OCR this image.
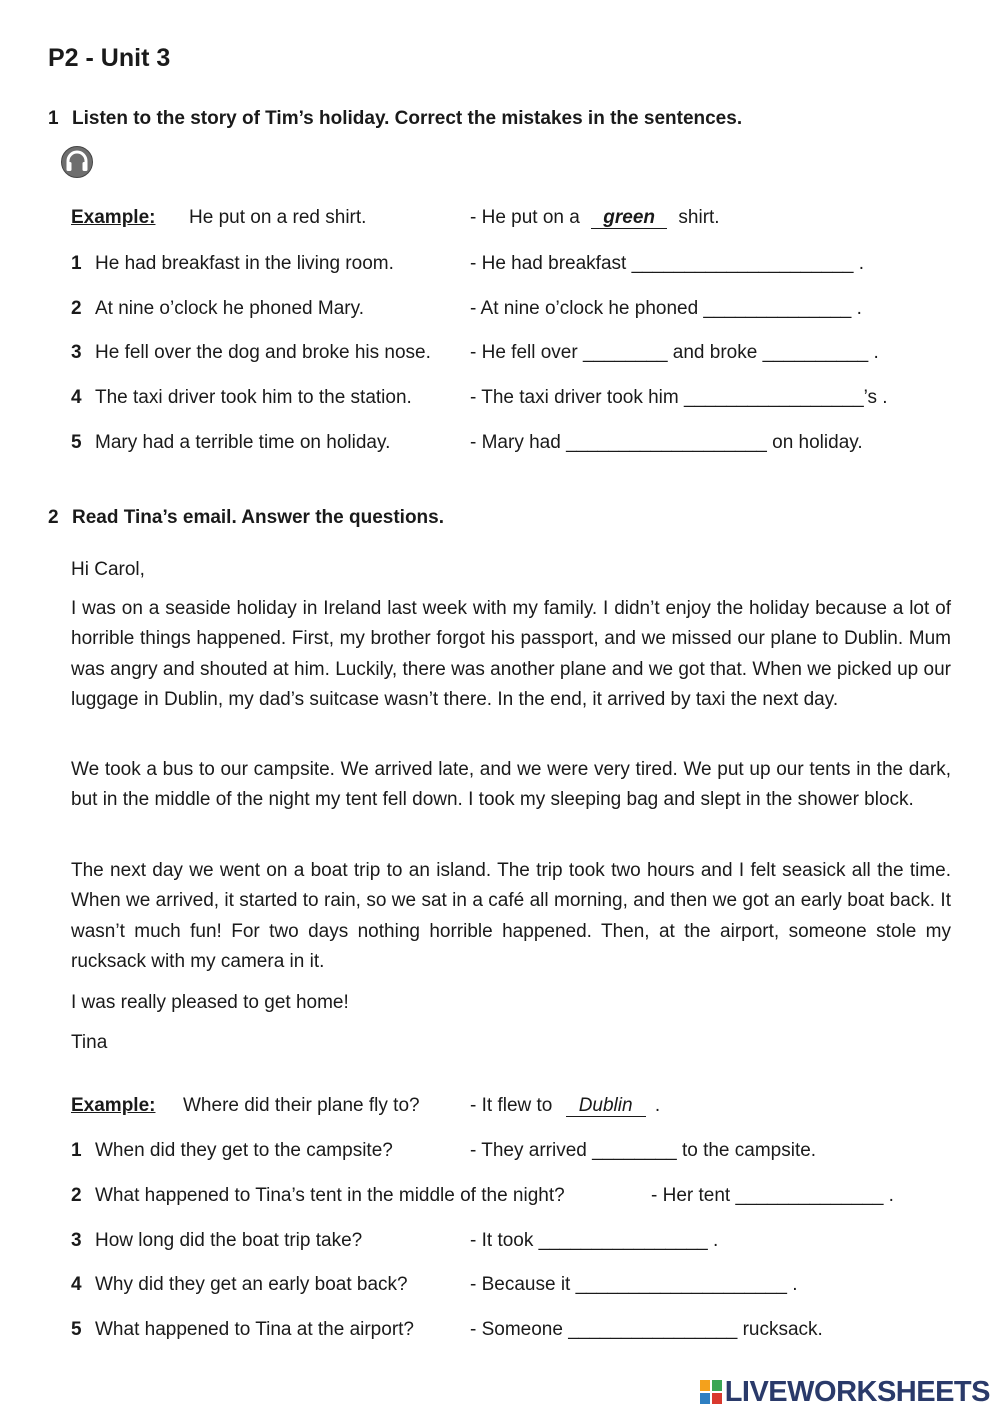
P2 - Unit 3
1 Listen to the story of Tim’s holiday. Correct the mistakes in the sentences.
Example: He put on a red shirt.	- He put on a green shirt.
1 He had breakfast in the living room.	- He had breakfast _____________________ .
2 At nine o’clock he phoned Mary.	- At nine o’clock he phoned ______________ .
3 He fell over the dog and broke his nose. - He fell over ________ and broke __________ .
4 The taxi driver took him to the station.	- The taxi driver took him _________________’s .
5 Mary had a terrible time on holiday.	- Mary had ___________________ on holiday.
2 Read Tina’s email. Answer the questions.
Hi Carol,

I was on a seaside holiday in Ireland last week with my family. I didn’t enjoy the holiday because a lot of horrible things happened. First, my brother forgot his passport, and we missed our plane to Dublin. Mum was angry and shouted at him. Luckily, there was another plane and we got that. When we picked up our luggage in Dublin, my dad’s suitcase wasn’t there. In the end, it arrived by taxi the next day.

We took a bus to our campsite. We arrived late, and we were very tired. We put up our tents in the dark, but in the middle of the night my tent fell down. I took my sleeping bag and slept in the shower block.

The next day we went on a boat trip to an island. The trip took two hours and I felt seasick all the time. When we arrived, it started to rain, so we sat in a café all morning, and then we got an early boat back. It wasn’t much fun! For two days nothing horrible happened. Then, at the airport, someone stole my rucksack with my camera in it.

I was really pleased to get home!
Tina
Example: Where did their plane fly to?	- It flew to Dublin .
1 When did they get to the campsite?	- They arrived ________ to the campsite.
2 What happened to Tina’s tent in the middle of the night?	- Her tent ______________ .
3 How long did the boat trip take?	- It took ________________ .
4 Why did they get an early boat back?	- Because it ____________________ .
5 What happened to Tina at the airport?	- Someone ________________ rucksack.
LIVEWORKSHEETS
